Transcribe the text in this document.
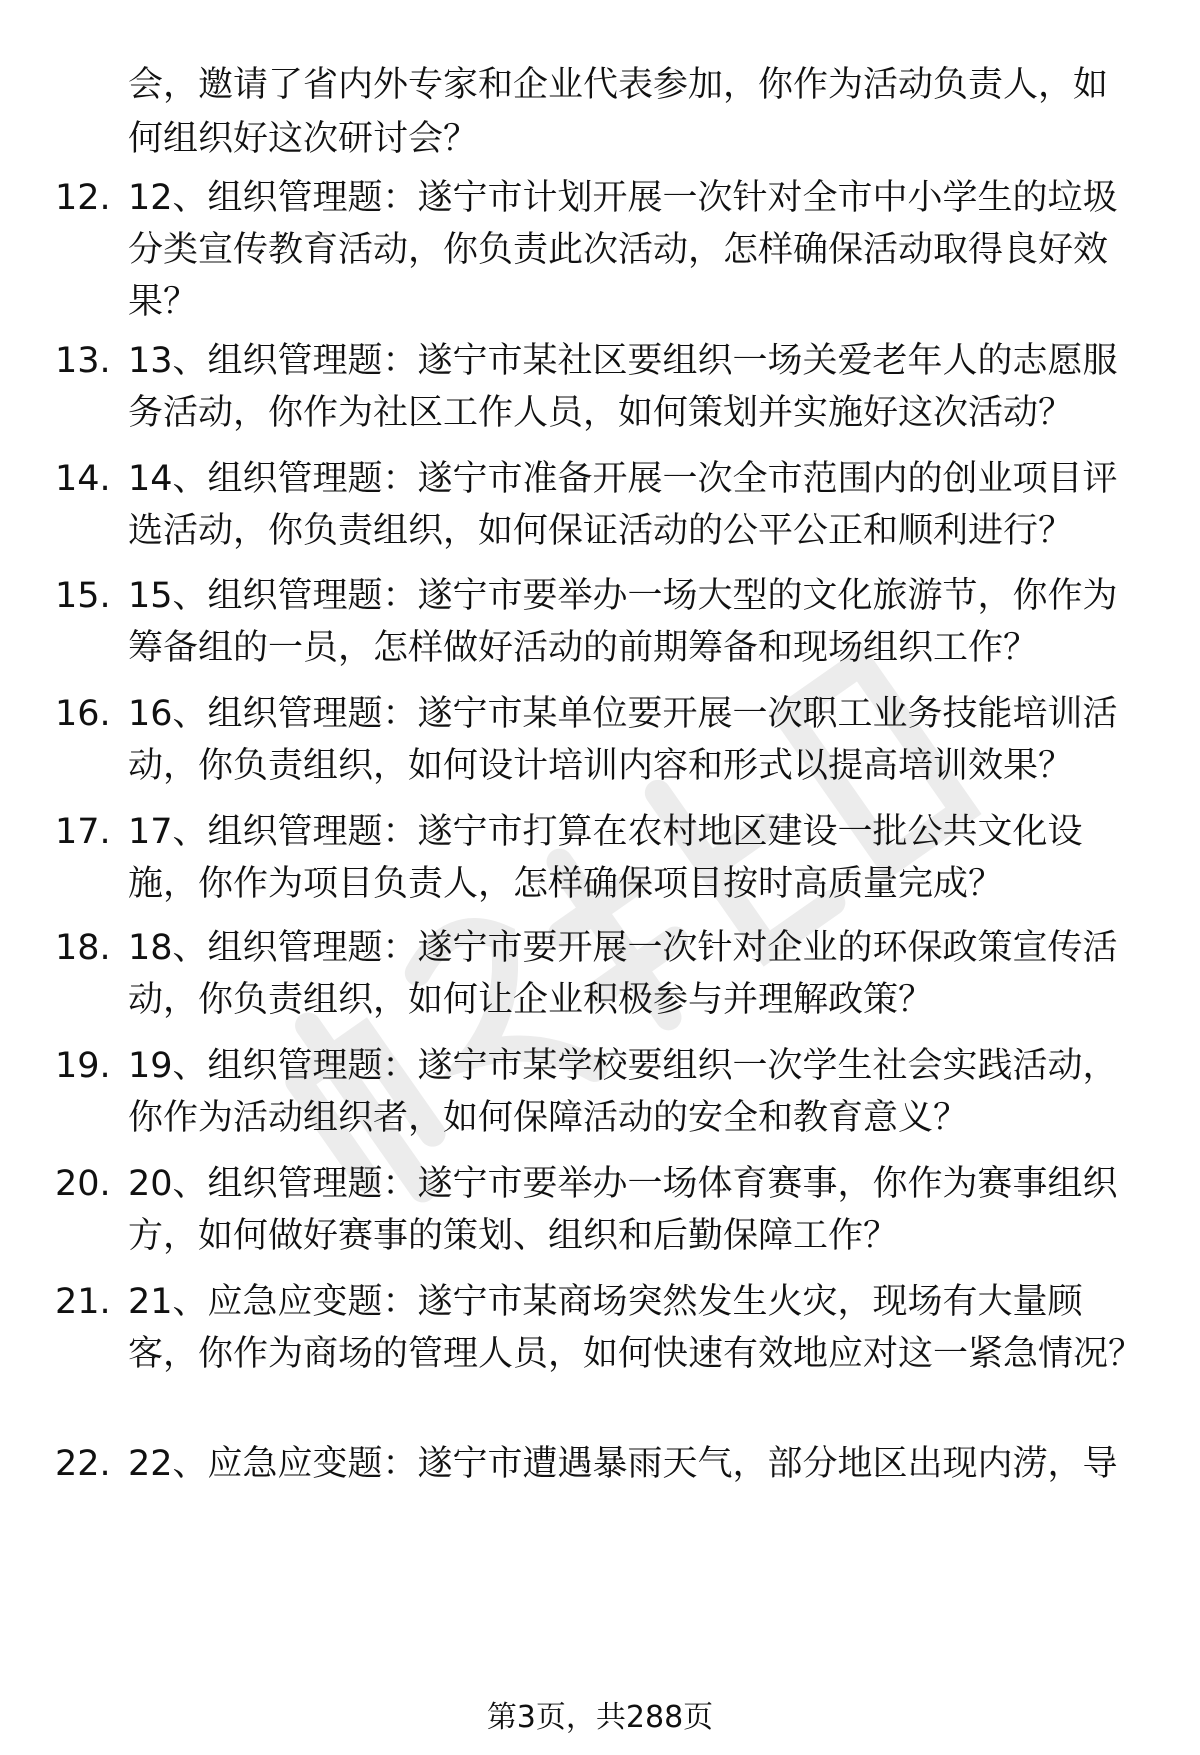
会，邀请了省内外专家和企业代表参加，你作为活动负责人，如何组织好这次研讨会？
12. 12、组织管理题：遂宁市计划开展一次针对全市中小学生的垃圾分类宣传教育活动，你负责此次活动，怎样确保活动取得良好效果？
13. 13、组织管理题：遂宁市某社区要组织一场关爱老年人的志愿服务活动，你作为社区工作人员，如何策划并实施好这次活动？
14. 14、组织管理题：遂宁市准备开展一次全市范围内的创业项目评选活动，你负责组织，如何保证活动的公平公正和顺利进行？
15. 15、组织管理题：遂宁市要举办一场大型的文化旅游节，你作为筹备组的一员，怎样做好活动的前期筹备和现场组织工作？
16. 16、组织管理题：遂宁市某单位要开展一次职工业务技能培训活动，你负责组织，如何设计培训内容和形式以提高培训效果？
17. 17、组织管理题：遂宁市打算在农村地区建设一批公共文化设施，你作为项目负责人，怎样确保项目按时高质量完成？
18. 18、组织管理题：遂宁市要开展一次针对企业的环保政策宣传活动，你负责组织，如何让企业积极参与并理解政策？
19. 19、组织管理题：遂宁市某学校要组织一次学生社会实践活动，你作为活动组织者，如何保障活动的安全和教育意义？
20. 20、组织管理题：遂宁市要举办一场体育赛事，你作为赛事组织方，如何做好赛事的策划、组织和后勤保障工作？
21. 21、应急应变题：遂宁市某商场突然发生火灾，现场有大量顾客，你作为商场的管理人员，如何快速有效地应对这一紧急情况？
22. 22、应急应变题：遂宁市遭遇暴雨天气，部分地区出现内涝，导
第3页，共288页
